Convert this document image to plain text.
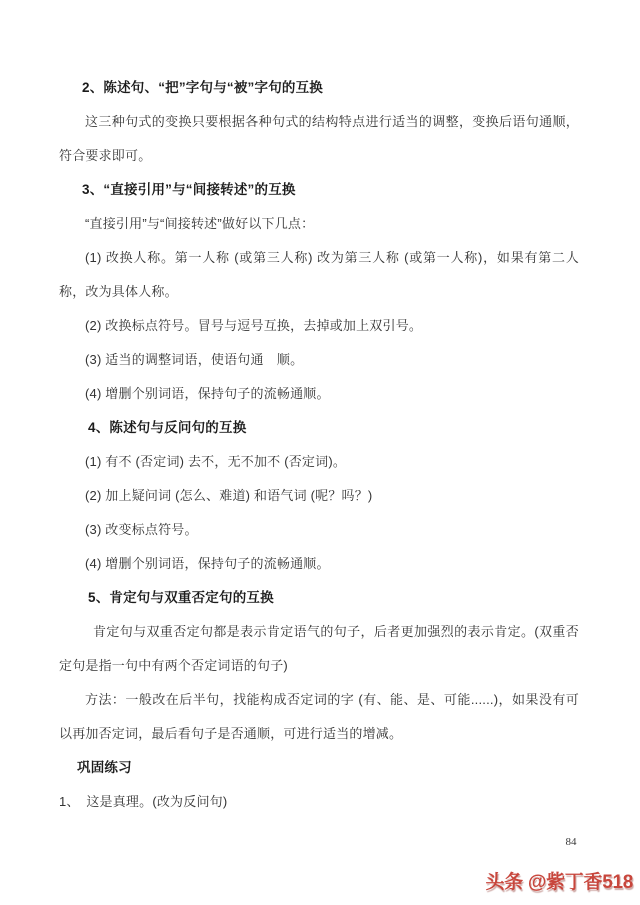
2、陈述句、“把”字句与“被”字句的互换

这三种句式的变换只要根据各种句式的结构特点进行适当的调整，变换后语句通顺，符合要求即可。

3、“直接引用”与“间接转述”的互换

“直接引用”与“间接转述”做好以下几点：

(1) 改换人称。第一人称 (或第三人称) 改为第三人称 (或第一人称)，如果有第二人称，改为具体人称。

(2) 改换标点符号。冒号与逗号互换，去掉或加上双引号。

(3) 适当的调整词语，使语句通　顺。

(4) 增删个别词语，保持句子的流畅通顺。

4、陈述句与反问句的互换

(1) 有不 (否定词) 去不，无不加不 (否定词)。

(2) 加上疑问词 (怎么、难道) 和语气词 (呢？吗？)

(3) 改变标点符号。

(4) 增删个别词语，保持句子的流畅通顺。

5、肯定句与双重否定句的互换

肯定句与双重否定句都是表示肯定语气的句子，后者更加强烈的表示肯定。(双重否定句是指一句中有两个否定词语的句子)

方法：一般改在后半句，找能构成否定词的字 (有、能、是、可能......)，如果没有可以再加否定词，最后看句子是否通顺，可进行适当的增减。

巩固练习

1、　这是真理。(改为反问句)

84
头条 @紫丁香518
